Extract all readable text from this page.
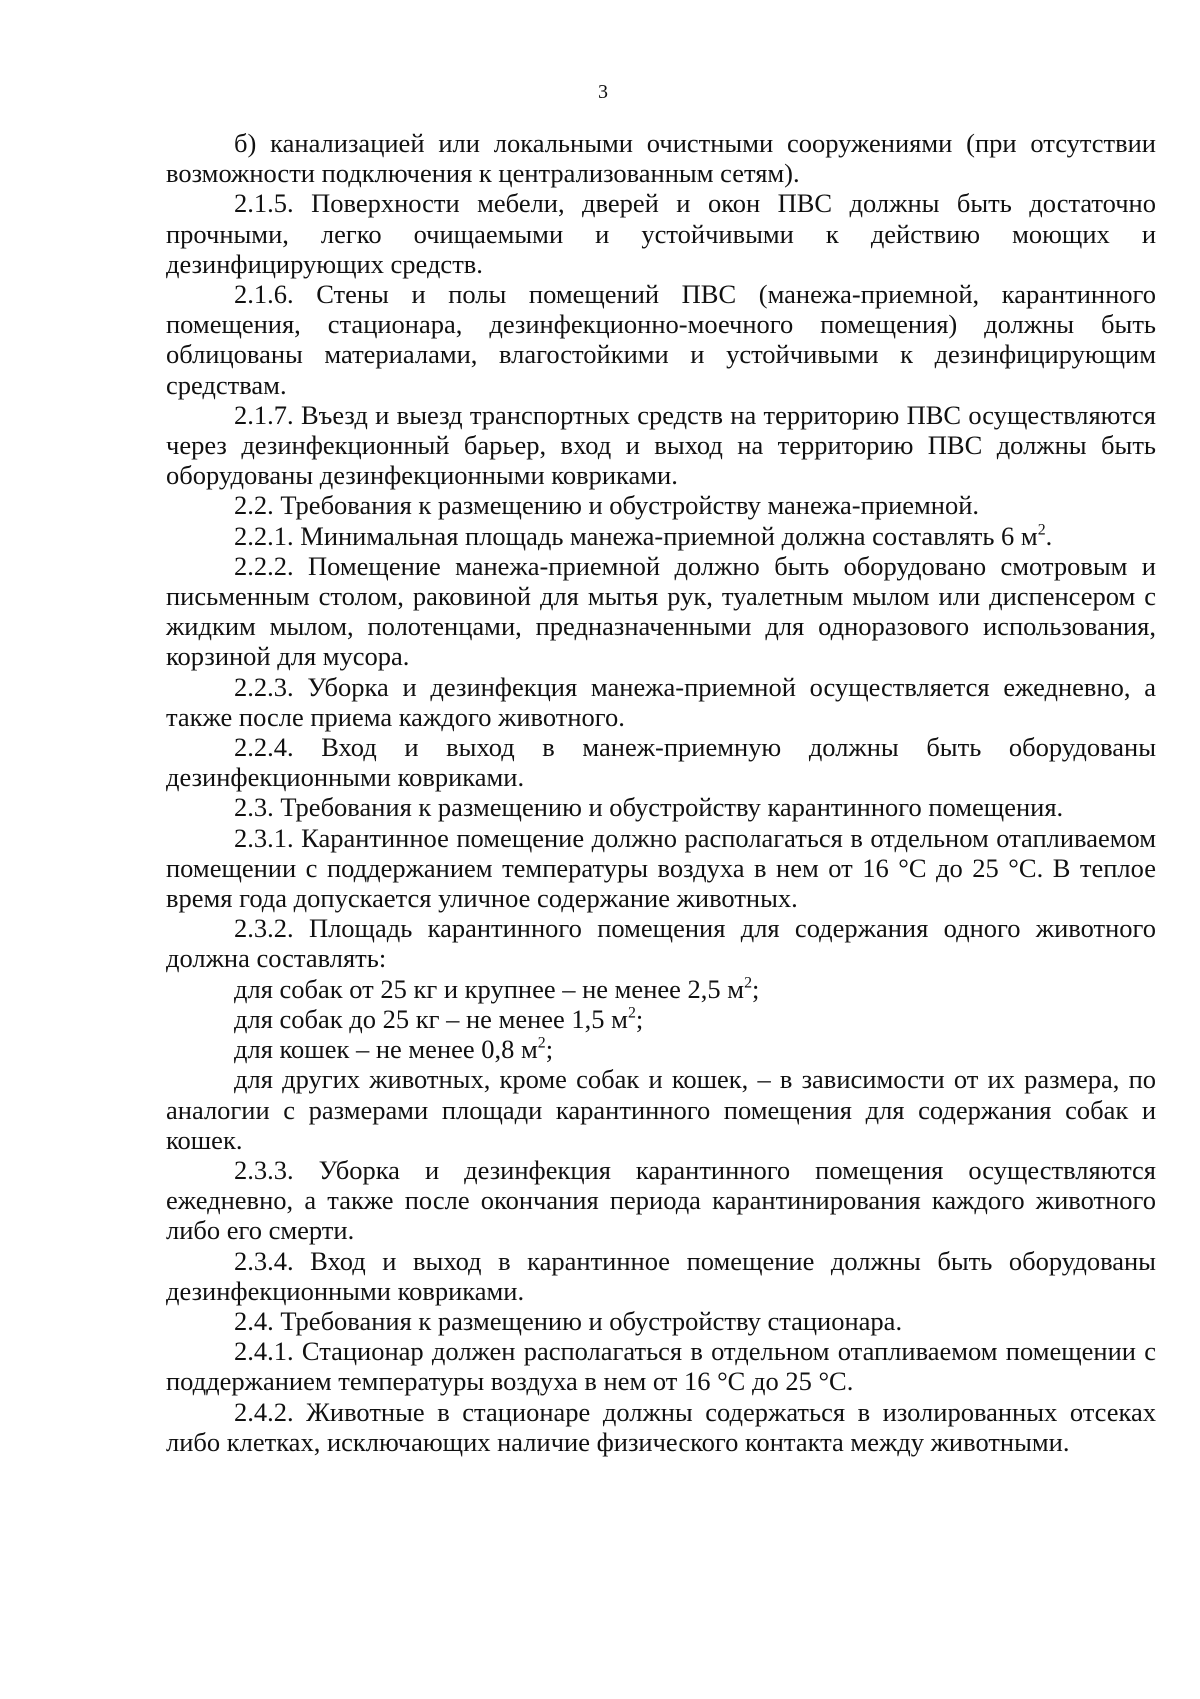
3

б) канализацией или локальными очистными сооружениями (при отсутствии возможности подключения к централизованным сетям).

2.1.5. Поверхности мебели, дверей и окон ПВС должны быть достаточно прочными, легко очищаемыми и устойчивыми к действию моющих и дезинфицирующих средств.

2.1.6. Стены и полы помещений ПВС (манежа-приемной, карантинного помещения, стационара, дезинфекционно-моечного помещения) должны быть облицованы материалами, влагостойкими и устойчивыми к дезинфицирующим средствам.

2.1.7. Въезд и выезд транспортных средств на территорию ПВС осуществляются через дезинфекционный барьер, вход и выход на территорию ПВС должны быть оборудованы дезинфекционными ковриками.

2.2. Требования к размещению и обустройству манежа-приемной.

2.2.1. Минимальная площадь манежа-приемной должна составлять 6 $м^2$.

2.2.2. Помещение манежа-приемной должно быть оборудовано смотровым и письменным столом, раковиной для мытья рук, туалетным мылом или диспенсером с жидким мылом, полотенцами, предназначенными для одноразового использования, корзиной для мусора.

2.2.3. Уборка и дезинфекция манежа-приемной осуществляется ежедневно, а также после приема каждого животного.

2.2.4. Вход и выход в манеж-приемную должны быть оборудованы дезинфекционными ковриками.

2.3. Требования к размещению и обустройству карантинного помещения.

2.3.1. Карантинное помещение должно располагаться в отдельном отапливаемом помещении с поддержанием температуры воздуха в нем от 16 °С до 25 °С. В теплое время года допускается уличное содержание животных.

2.3.2. Площадь карантинного помещения для содержания одного животного должна составлять:

для собак от 25 кг и крупнее – не менее 2,5 $м^2$;

для собак до 25 кг – не менее 1,5 $м^2$;

для кошек – не менее 0,8 $м^2$;

для других животных, кроме собак и кошек, – в зависимости от их размера, по аналогии с размерами площади карантинного помещения для содержания собак и кошек.

2.3.3. Уборка и дезинфекция карантинного помещения осуществляются ежедневно, а также после окончания периода карантинирования каждого животного либо его смерти.

2.3.4. Вход и выход в карантинное помещение должны быть оборудованы дезинфекционными ковриками.

2.4. Требования к размещению и обустройству стационара.

2.4.1. Стационар должен располагаться в отдельном отапливаемом помещении с поддержанием температуры воздуха в нем от 16 °С до 25 °С.

2.4.2. Животные в стационаре должны содержаться в изолированных отсеках либо клетках, исключающих наличие физического контакта между животными.
